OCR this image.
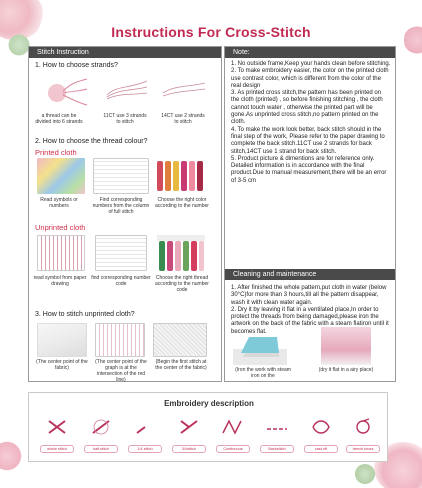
Instructions For Cross-Stitch
Stitch Instruction
1. How to choose strands?
a thread can be divided into 6 strands
11CT use 3 strands to stitch
14CT use 2 strands to stitch
2. How to choose the thread colour?
Printed cloth
Read symbols or numbers
Find corresponding numbers from the column of full stitch
Choose the right color according to the number
Unprinted cloth
read symbol from paper drawing
find corresponding number code
Choose the right thread according to the number code
3. How to stitch unprinted cloth?
(The center point of the fabric)
(The center point of the graph is at the intersection of the red line)
(Begin the first stitch at the center of the fabric)
Note:

1. No outside frame,Keep your hands clean before stitching.

2. To make embroidery easier, the color on the printed cloth use contrast color, which is different from the color of the real design

3. As printed cross stitch,the pattern has been printed on the cloth (printed) , so before finishing stitching , the cloth cannot touch water , otherwise the printed part will be gone.As unprinted cross stitch,no pattern printed on the cloth.

4. To make the work look better, back stitch should in the final step of the work, Please refer to the paper drawing to complete the back stitch.11CT use 2 strands for back stitch,14CT use 1 strand for back stitch.

5. Product picture & dimentions are for reference only. Detailed information is in accordance with the final product.Due to manual measurement,there will be an error of 3-5 cm

Cleaning and maintenance

1. After finished the whole pattern,put cloth in water (below 30°C)for more than 3 hours,till all the pattern disappear, wash it with clean water again.

2. Dry it by leaving it flat in a ventilated place,In order to protect the threads from being damaged,please iron the artwork on the back of the fabric with a steam flatiron until it becomes flat.

(Iron the work with steam iron on the
(dry it flat in a airy place)
Embroidery description
whole stitch	half stitch	1/4 stitch	3/4stitch	Continuous	Backstitch	cast off	french knots
